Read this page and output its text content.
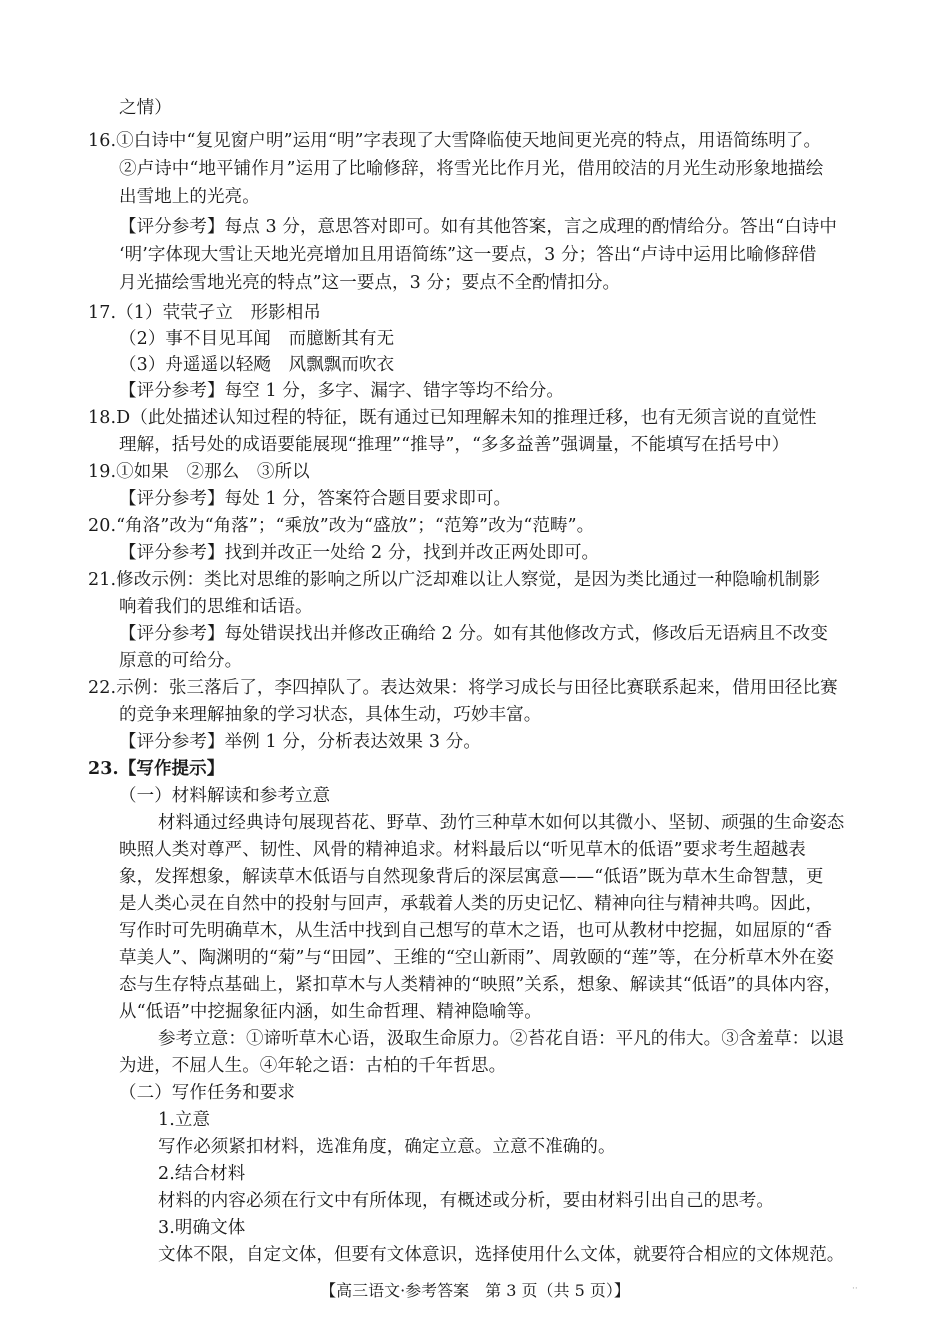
之情）
16.①白诗中“复见窗户明”运用“明”字表现了大雪降临使天地间更光亮的特点，用语简练明了。
②卢诗中“地平铺作月”运用了比喻修辞，将雪光比作月光，借用皎洁的月光生动形象地描绘
出雪地上的光亮。
【评分参考】每点 3 分，意思答对即可。如有其他答案，言之成理的酌情给分。答出“白诗中
‘明’字体现大雪让天地光亮增加且用语简练”这一要点，3 分；答出“卢诗中运用比喻修辞借
月光描绘雪地光亮的特点”这一要点，3 分；要点不全酌情扣分。
17.（1）茕茕孑立　形影相吊
（2）事不目见耳闻　而臆断其有无
（3）舟遥遥以轻飏　风飘飘而吹衣
【评分参考】每空 1 分，多字、漏字、错字等均不给分。
18.D（此处描述认知过程的特征，既有通过已知理解未知的推理迁移，也有无须言说的直觉性
理解，括号处的成语要能展现“推理”“推导”，“多多益善”强调量，不能填写在括号中）
19.①如果　②那么　③所以
【评分参考】每处 1 分，答案符合题目要求即可。
20.“角洛”改为“角落”；“乘放”改为“盛放”；“范筹”改为“范畴”。
【评分参考】找到并改正一处给 2 分，找到并改正两处即可。
21.修改示例：类比对思维的影响之所以广泛却难以让人察觉，是因为类比通过一种隐喻机制影
响着我们的思维和话语。
【评分参考】每处错误找出并修改正确给 2 分。如有其他修改方式，修改后无语病且不改变
原意的可给分。
22.示例：张三落后了，李四掉队了。表达效果：将学习成长与田径比赛联系起来，借用田径比赛
的竞争来理解抽象的学习状态，具体生动，巧妙丰富。
【评分参考】举例 1 分，分析表达效果 3 分。
23.【写作提示】
（一）材料解读和参考立意
材料通过经典诗句展现苔花、野草、劲竹三种草木如何以其微小、坚韧、顽强的生命姿态
映照人类对尊严、韧性、风骨的精神追求。材料最后以“听见草木的低语”要求考生超越表
象，发挥想象，解读草木低语与自然现象背后的深层寓意——“低语”既为草木生命智慧，更
是人类心灵在自然中的投射与回声，承载着人类的历史记忆、精神向往与精神共鸣。因此，
写作时可先明确草木，从生活中找到自己想写的草木之语，也可从教材中挖掘，如屈原的“香
草美人”、陶渊明的“菊”与“田园”、王维的“空山新雨”、周敦颐的“莲”等，在分析草木外在姿
态与生存特点基础上，紧扣草木与人类精神的“映照”关系，想象、解读其“低语”的具体内容，
从“低语”中挖掘象征内涵，如生命哲理、精神隐喻等。
参考立意：①谛听草木心语，汲取生命原力。②苔花自语：平凡的伟大。③含羞草：以退
为进，不屈人生。④年轮之语：古柏的千年哲思。
（二）写作任务和要求
1.立意
写作必须紧扣材料，选准角度，确定立意。立意不准确的。
2.结合材料
材料的内容必须在行文中有所体现，有概述或分析，要由材料引出自己的思考。
3.明确文体
文体不限，自定文体，但要有文体意识，选择使用什么文体，就要符合相应的文体规范。
【高三语文·参考答案　第 3 页（共 5 页）】	··
